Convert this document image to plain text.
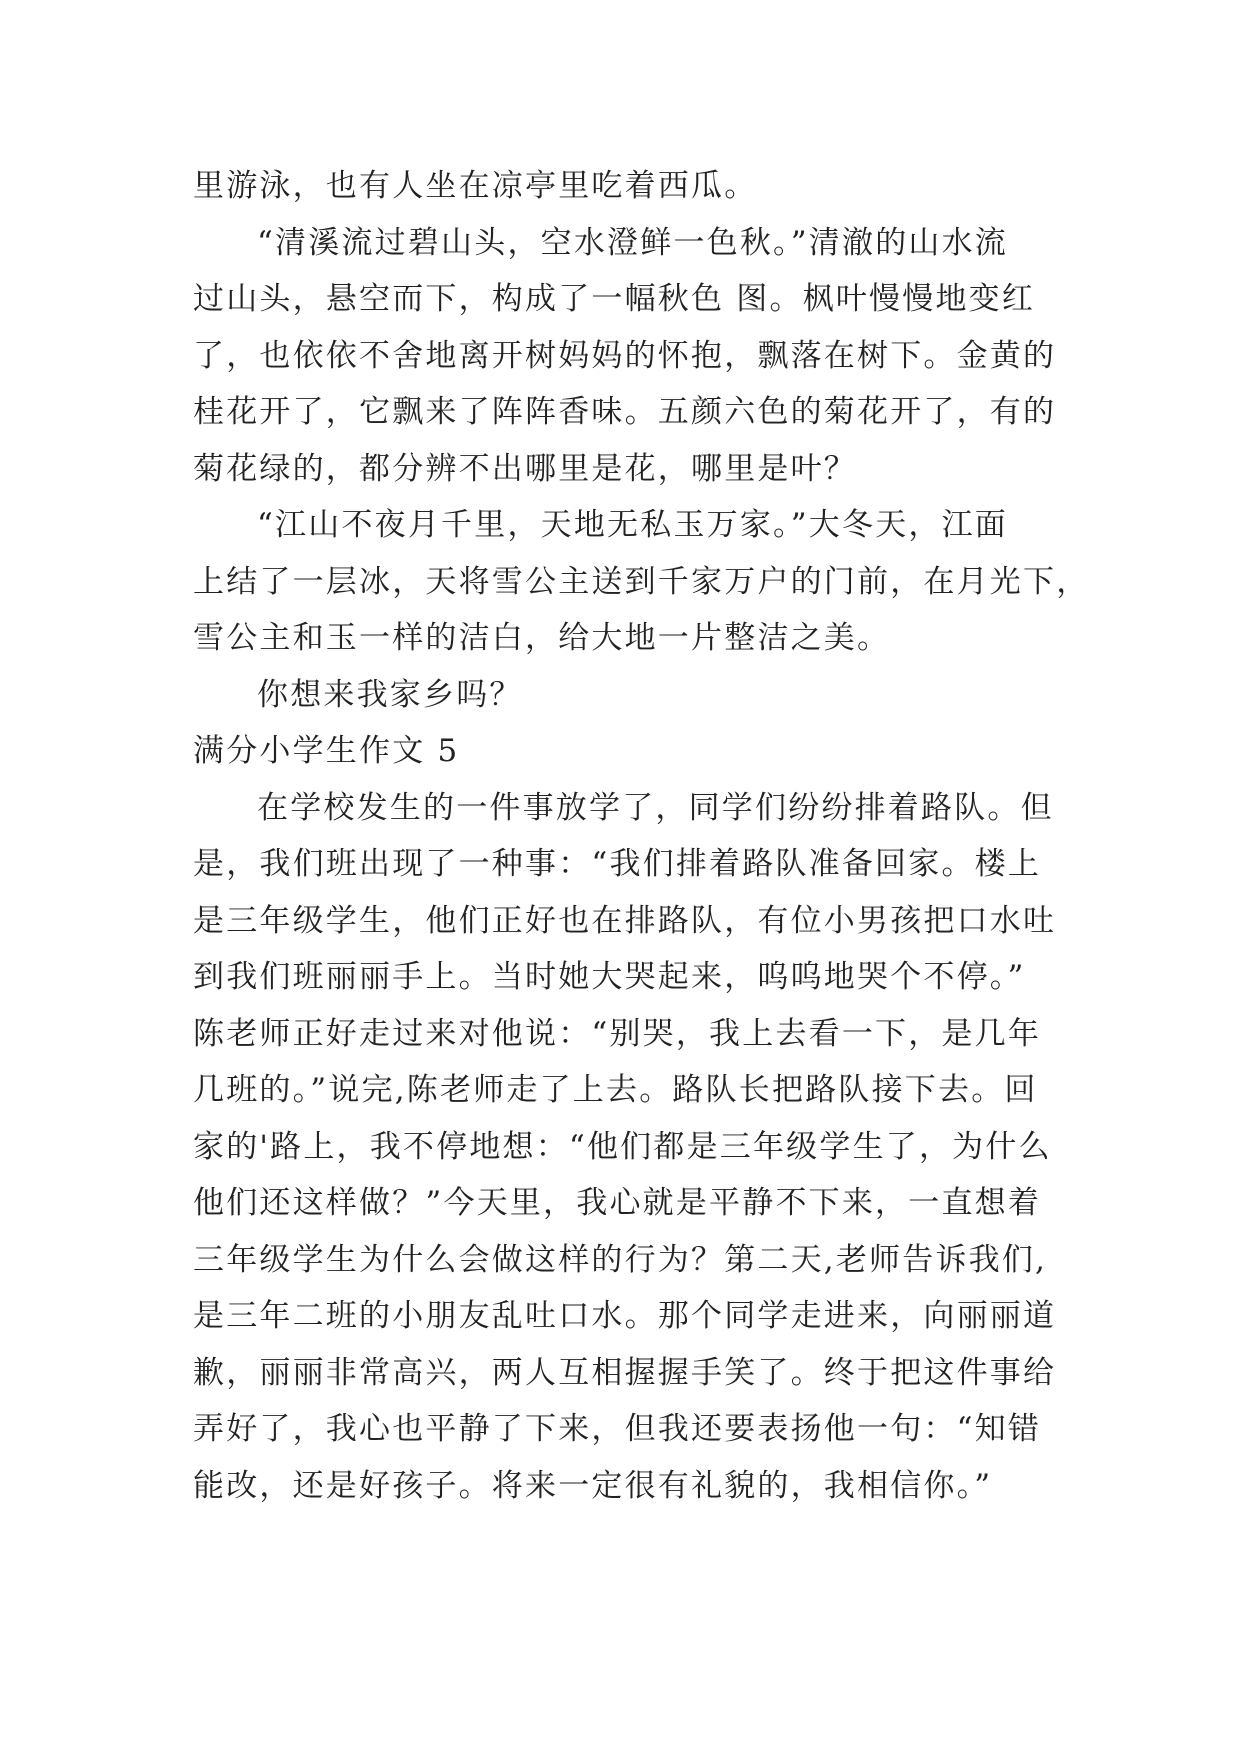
里游泳，也有人坐在凉亭里吃着西瓜。
“清溪流过碧山头，空水澄鲜一色秋。”清澈的山水流
过山头，悬空而下，构成了一幅秋色 图。枫叶慢慢地变红
了，也依依不舍地离开树妈妈的怀抱，飘落在树下。金黄的
桂花开了，它飘来了阵阵香味。五颜六色的菊花开了，有的
菊花绿的，都分辨不出哪里是花，哪里是叶？
“江山不夜月千里，天地无私玉万家。”大冬天，江面
上结了一层冰，天将雪公主送到千家万户的门前，在月光下，
雪公主和玉一样的洁白，给大地一片整洁之美。
你想来我家乡吗？
满分小学生作文 5
在学校发生的一件事放学了，同学们纷纷排着路队。但
是，我们班出现了一种事：“我们排着路队准备回家。楼上
是三年级学生，他们正好也在排路队，有位小男孩把口水吐
到我们班丽丽手上。当时她大哭起来，呜呜地哭个不停。”
陈老师正好走过来对他说：“别哭，我上去看一下，是几年
几班的。”说完,陈老师走了上去。路队长把路队接下去。回
家的'路上，我不停地想：“他们都是三年级学生了，为什么
他们还这样做？”今天里，我心就是平静不下来，一直想着
三年级学生为什么会做这样的行为？第二天,老师告诉我们,
是三年二班的小朋友乱吐口水。那个同学走进来，向丽丽道
歉，丽丽非常高兴，两人互相握握手笑了。终于把这件事给
弄好了，我心也平静了下来，但我还要表扬他一句：“知错
能改，还是好孩子。将来一定很有礼貌的，我相信你。”
